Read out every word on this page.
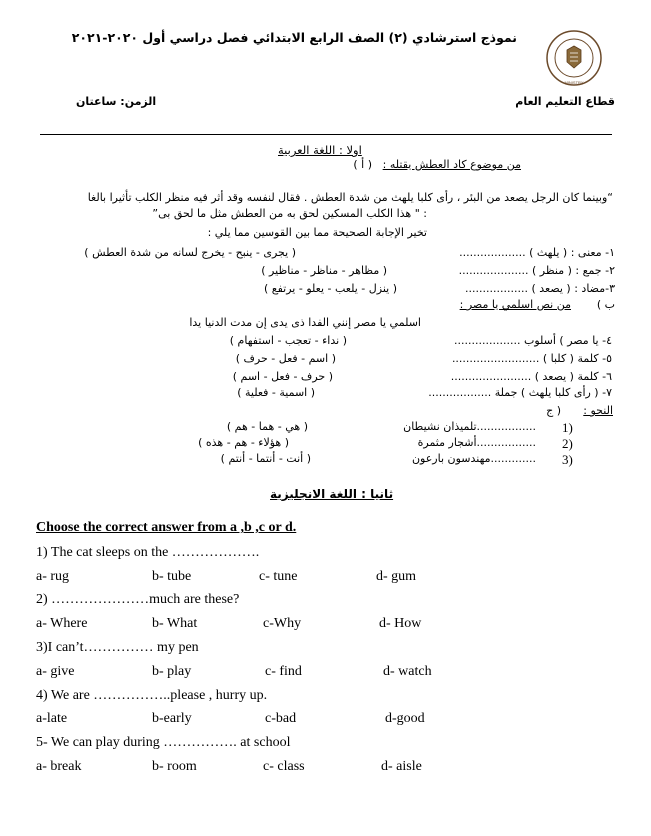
نموذج استرشادي (٢) الصف الرابع الابتدائي فصل دراسي أول ٢٠٢٠-٢٠٢١
MINISTRY
قطاع التعليم العام
الزمن: ساعتان
اولا : اللغة العربية
( أ ) من موضوع كاد العطش يقتله :
“وبينما كان الرجل يصعد من البئر ، رأى كلبا يلهث من شدة العطش . فقال لنفسه وقد أثر فيه منظر الكلب تأثيرا بالغا
: " هذا الكلب المسكين لحق به من العطش مثل ما لحق بى”
تخير الإجابة الصحيحة مما بين القوسين مما يلي :
١- معنى : ( يلهث ) ...................
( يجرى - ينبح - يخرج لسانه من شدة العطش )
٢- جمع : ( منظر ) ....................
( مظاهر - مناظر - مناظير )
٣-مضاد : ( يصعد ) ..................
( ينزل - يلعب - يعلو - يرتفع )
ب )
من نص اسلمي يا مصر :
اسلمي يا مصر إنني الفدا ذى يدى إن مدت الدنيا يدا
٤- يا مصر ) أسلوب ...................
( نداء - تعجب - استفهام )
٥- كلمة ( كلبا ) .........................
( اسم - فعل - حرف )
٦- كلمة ( يصعد ) .......................
( حرف - فعل - اسم )
٧- ( رأى كلبا يلهث ) جملة ..................
( اسمية - فعلية )
( ج النحو :
1)
.................تلميذان نشيطان
( هي - هما - هم )
2)
.................أشجار مثمرة
( هؤلاء - هم - هذه )
3)
.............مهندسون بارعون
( أنت - أنتما - أنتم )
ثانيا : اللغة الانجليزية
Choose the correct answer from a ,b ,c or d.
1) The cat sleeps on the ……………….
a- rug	b- tube	c- tune	d- gum
2) …………………much are these?
a- Where	b- What	c-Why	d- How
3)I can’t…………… my pen
a- give	b- play	c- find	d- watch
4) We are ……………..please , hurry up.
a-late	b-early	c-bad	d-good
5- We can play during ……………. at school
a- break	b- room	c- class	d- aisle
